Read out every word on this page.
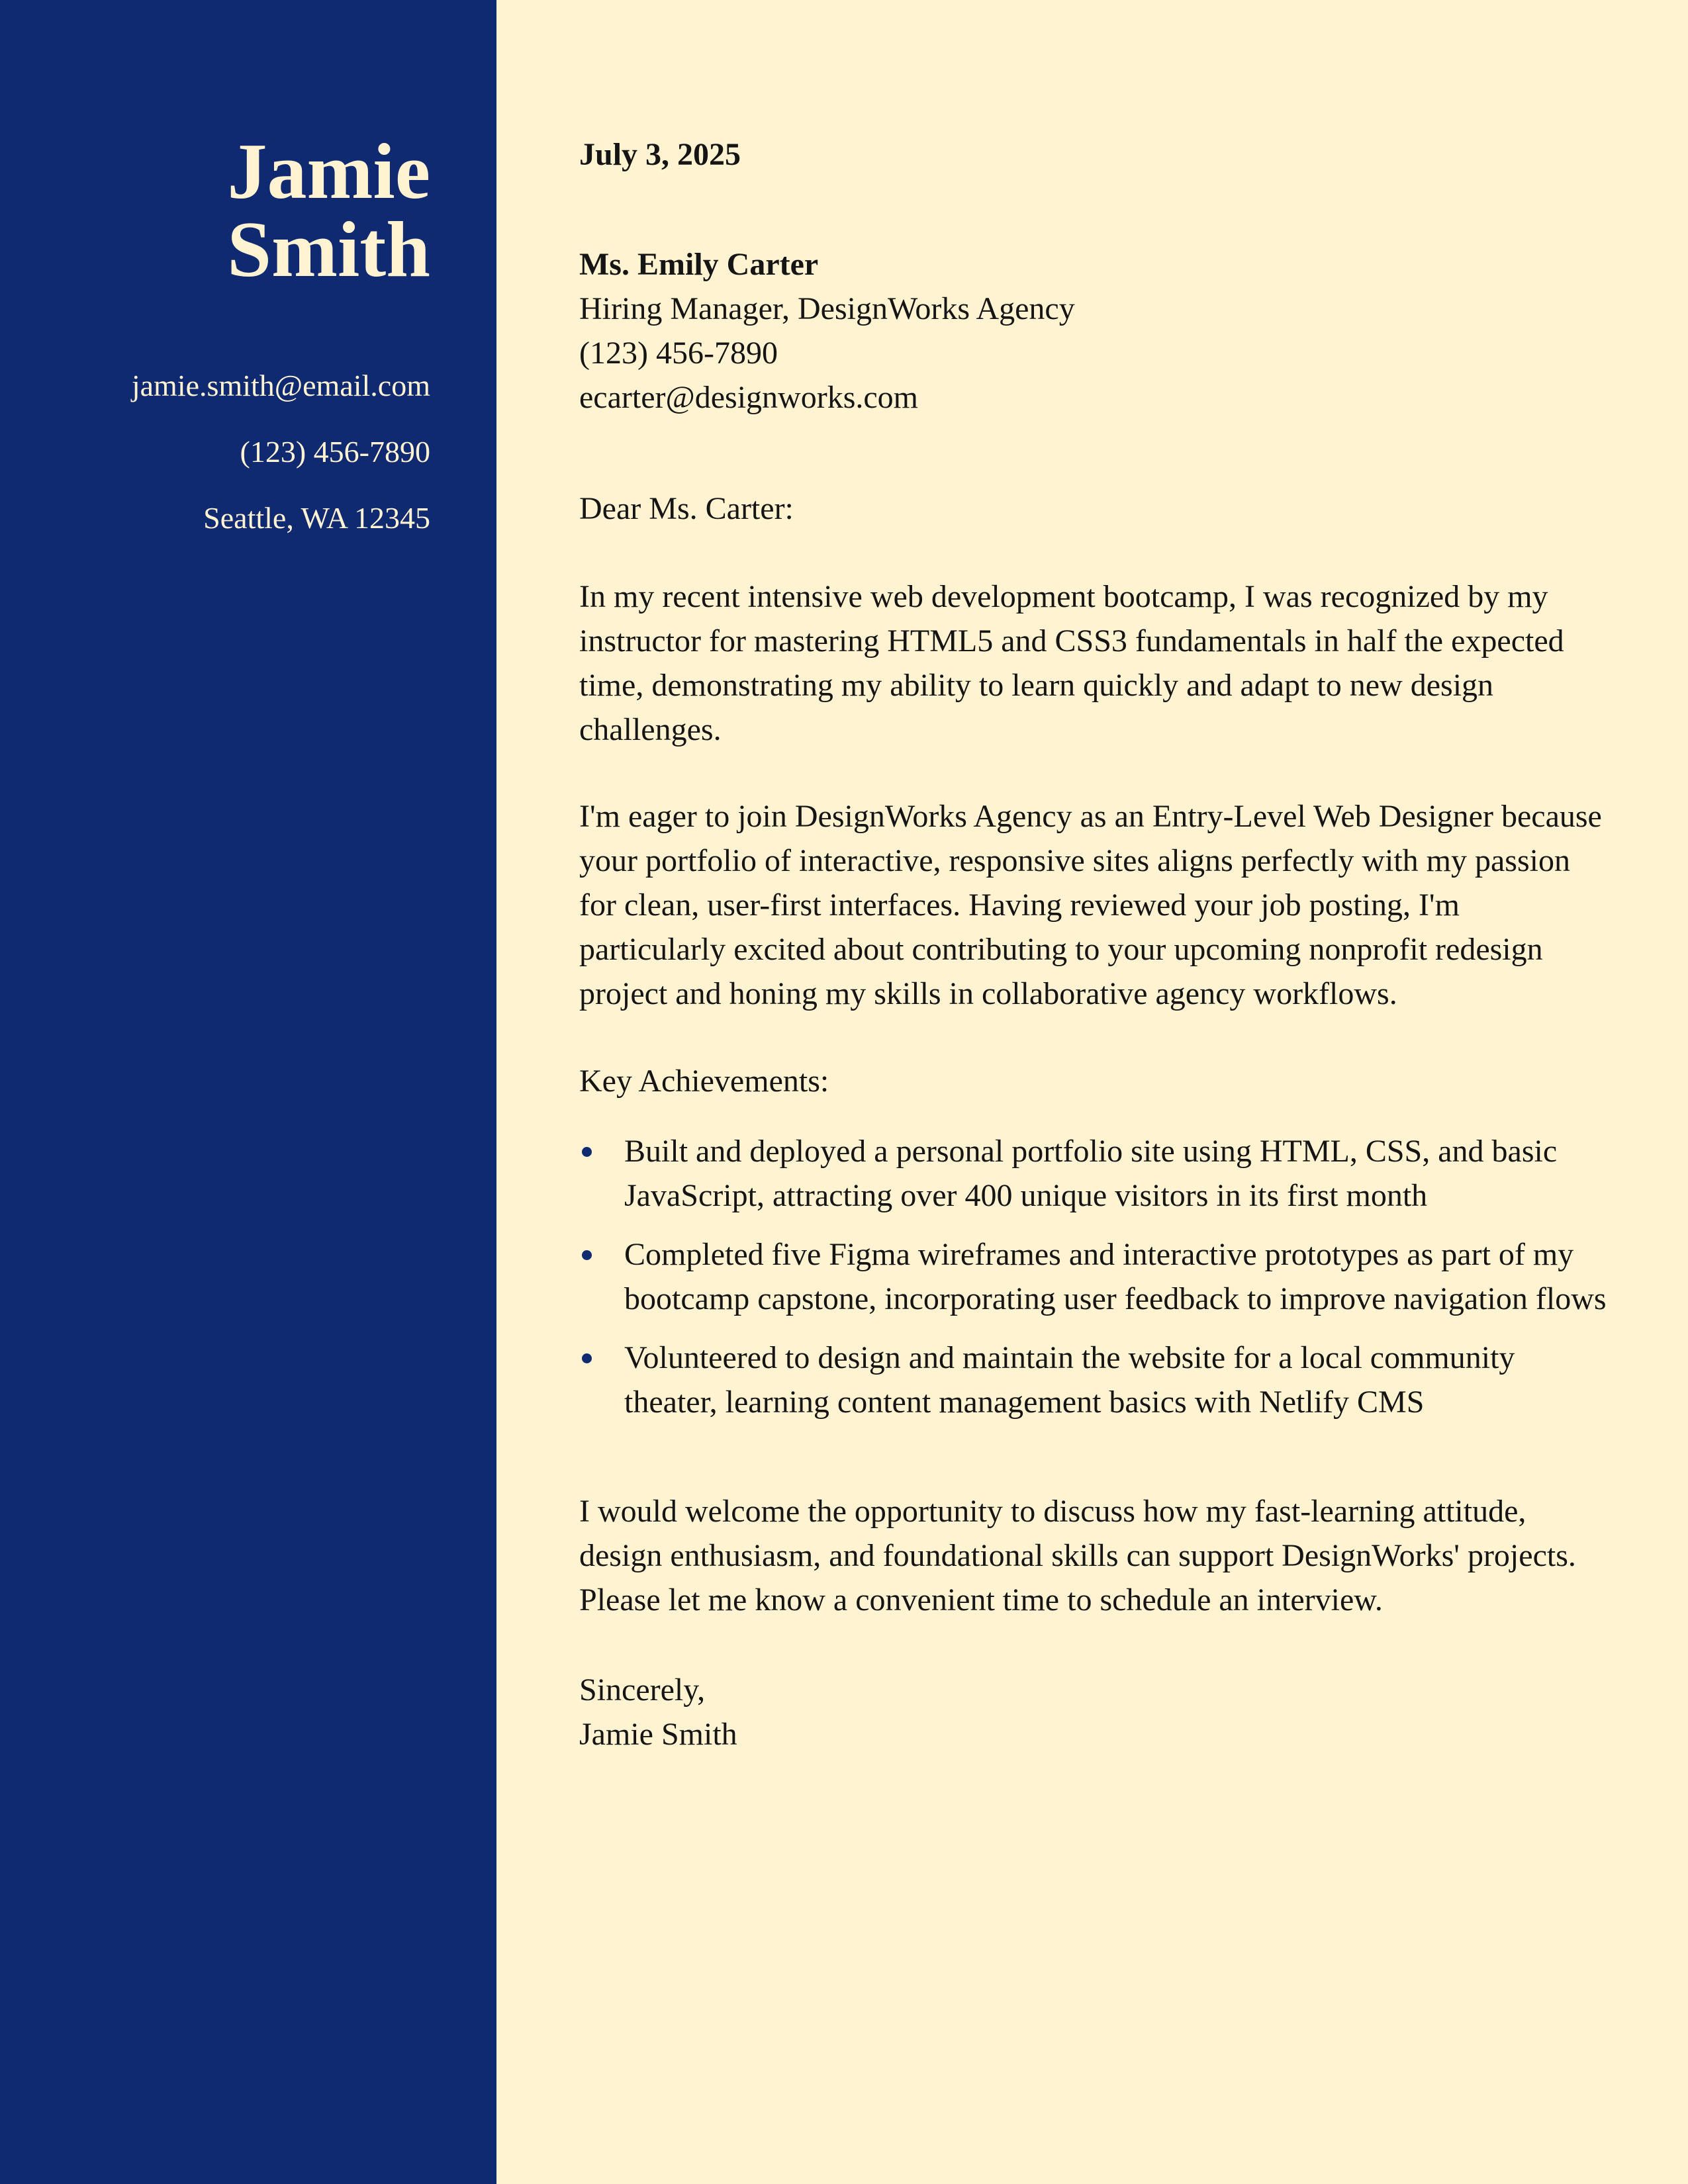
Jamie
Smith
jamie.smith@email.com
(123) 456-7890
Seattle, WA 12345

July 3, 2025

Ms. Emily Carter

Hiring Manager, DesignWorks Agency

(123) 456-7890

ecarter@designworks.com

Dear Ms. Carter:

In my recent intensive web development bootcamp, I was recognized by my instructor for mastering HTML5 and CSS3 fundamentals in half the expected time, demonstrating my ability to learn quickly and adapt to new design challenges.

I'm eager to join DesignWorks Agency as an Entry-Level Web Designer because your portfolio of interactive, responsive sites aligns perfectly with my passion for clean, user-first interfaces. Having reviewed your job posting, I'm particularly excited about contributing to your upcoming nonprofit redesign project and honing my skills in collaborative agency workflows.

Key Achievements:

Built and deployed a personal portfolio site using HTML, CSS, and basic JavaScript, attracting over 400 unique visitors in its first month
Completed five Figma wireframes and interactive prototypes as part of my bootcamp capstone, incorporating user feedback to improve navigation flows
Volunteered to design and maintain the website for a local community theater, learning content management basics with Netlify CMS

I would welcome the opportunity to discuss how my fast-learning attitude, design enthusiasm, and foundational skills can support DesignWorks' projects. Please let me know a convenient time to schedule an interview.

Sincerely,

Jamie Smith
